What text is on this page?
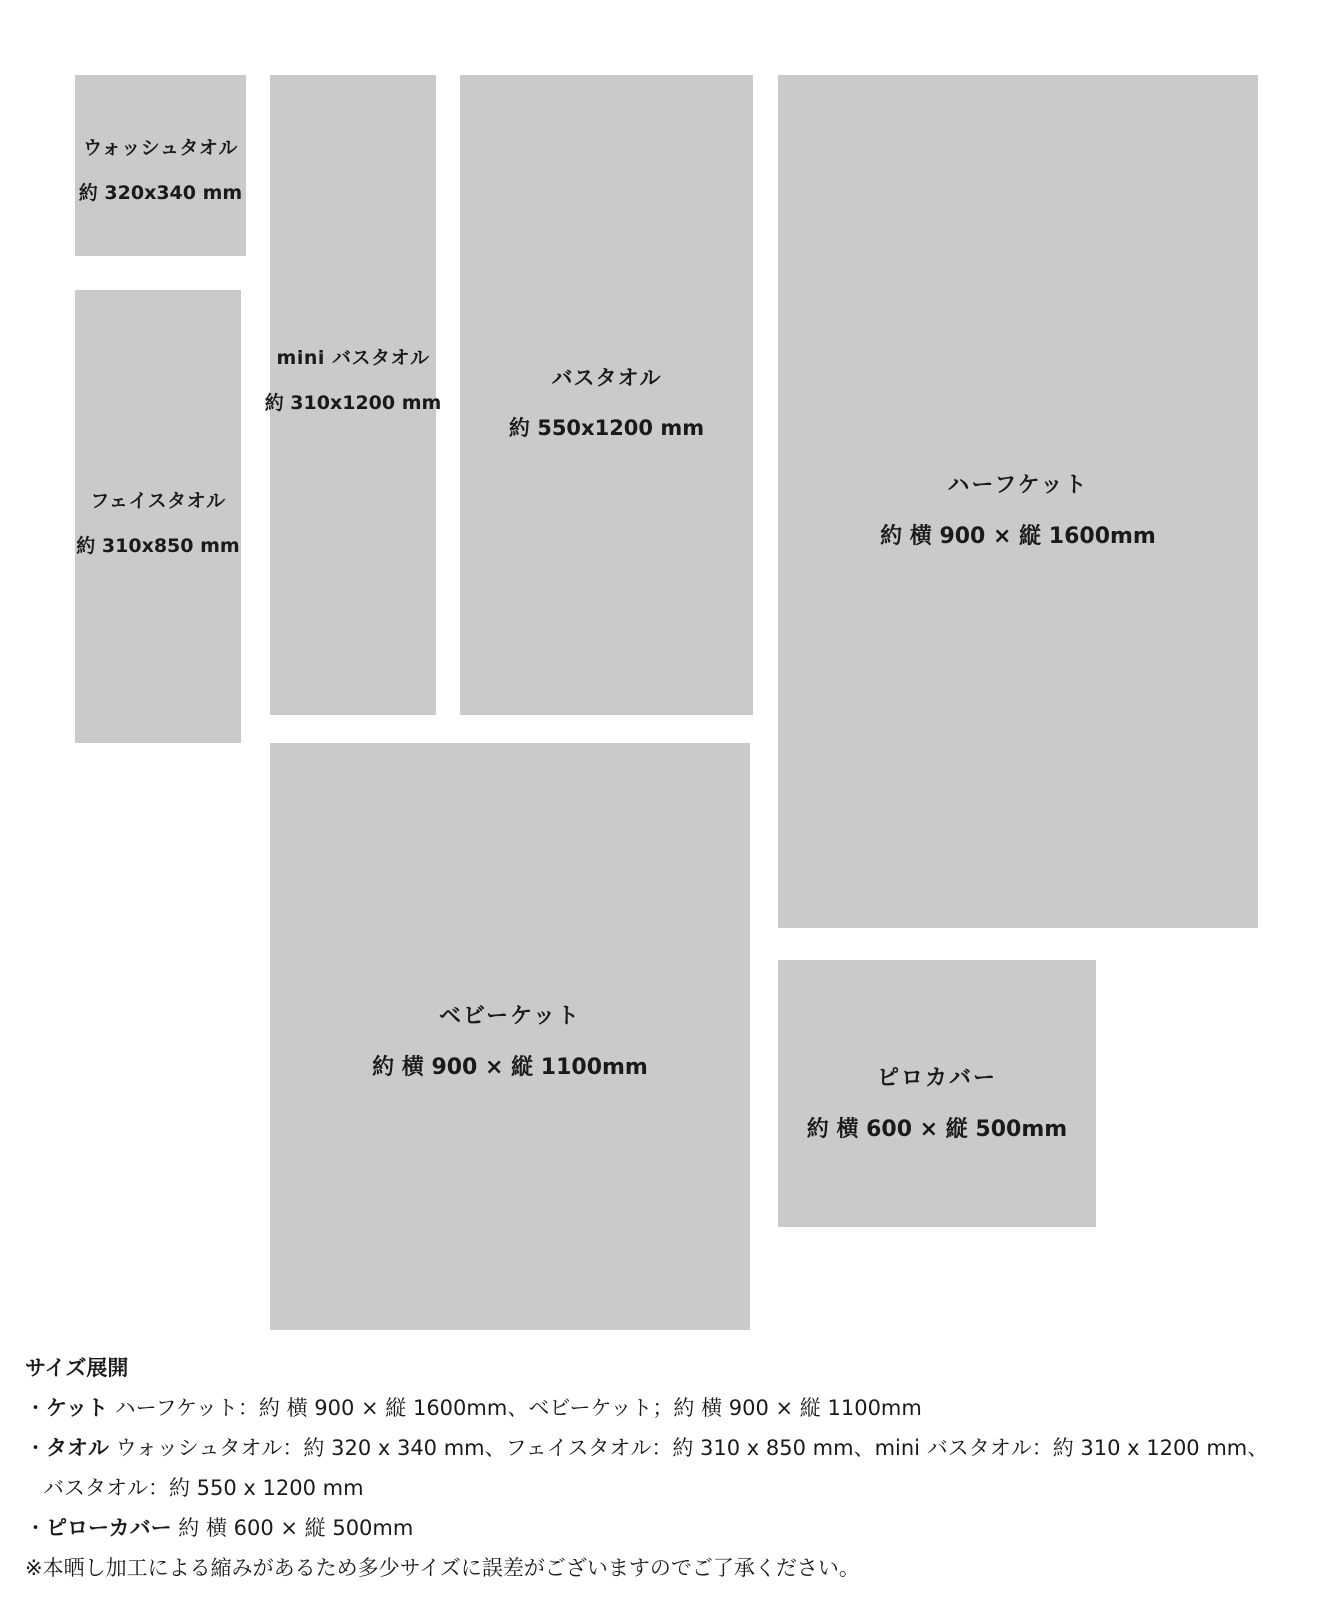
ウォッシュタオル
約 320x340 mm
フェイスタオル
約 310x850 mm
mini バスタオル
約 310x1200 mm
バスタオル
約 550x1200 mm
ハーフケット
約 横 900 × 縦 1600mm
ベビーケット
約 横 900 × 縦 1100mm	ピロカバー
約 横 600 × 縦 500mm
サイズ展開
・ケット ハーフケット：約 横 900 × 縦 1600mm、ベビーケット；約 横 900 × 縦 1100mm
・タオル ウォッシュタオル：約 320 x 340 mm、フェイスタオル：約 310 x 850 mm、mini バスタオル：約 310 x 1200 mm、
バスタオル：約 550 x 1200 mm
・ピローカバー 約 横 600 × 縦 500mm
※本晒し加工による縮みがあるため多少サイズに誤差がございますのでご了承ください。
